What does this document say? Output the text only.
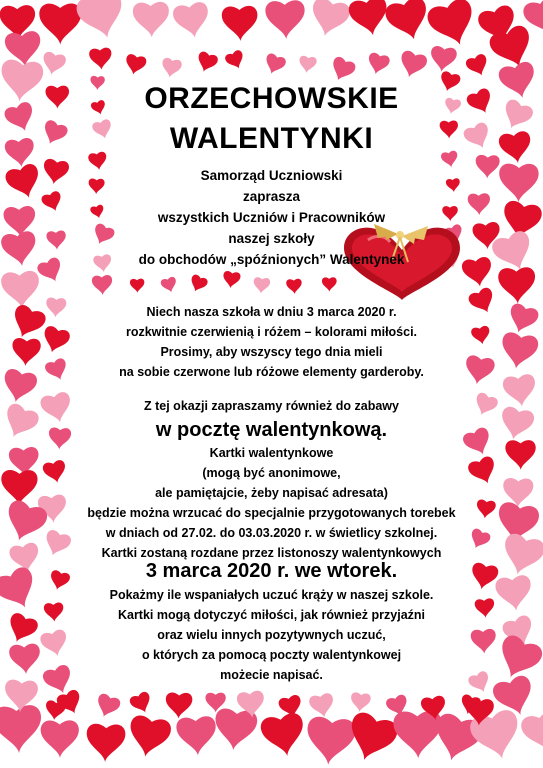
ORZECHOWSKIE
WALENTYNKI
Samorząd Uczniowski
zaprasza
wszystkich Uczniów i Pracowników
naszej szkoły
do obchodów „spóźnionych” Walentynek
Niech nasza szkoła w dniu 3 marca 2020 r.
rozkwitnie czerwienią i różem – kolorami miłości.
Prosimy, aby wszyscy tego dnia mieli
na sobie czerwone lub różowe elementy garderoby.
Z tej okazji zapraszamy również do zabawy
w pocztę walentynkową.
Kartki walentynkowe
(mogą być anonimowe,
ale pamiętajcie, żeby napisać adresata)
będzie można wrzucać do specjalnie przygotowanych torebek
w dniach od 27.02. do 03.03.2020 r. w świetlicy szkolnej.
Kartki zostaną rozdane przez listonoszy walentynkowych
3 marca 2020 r. we wtorek.
Pokażmy ile wspaniałych uczuć krąży w naszej szkole.
Kartki mogą dotyczyć miłości, jak również przyjaźni
oraz wielu innych pozytywnych uczuć,
o których za pomocą poczty walentynkowej
możecie napisać.
